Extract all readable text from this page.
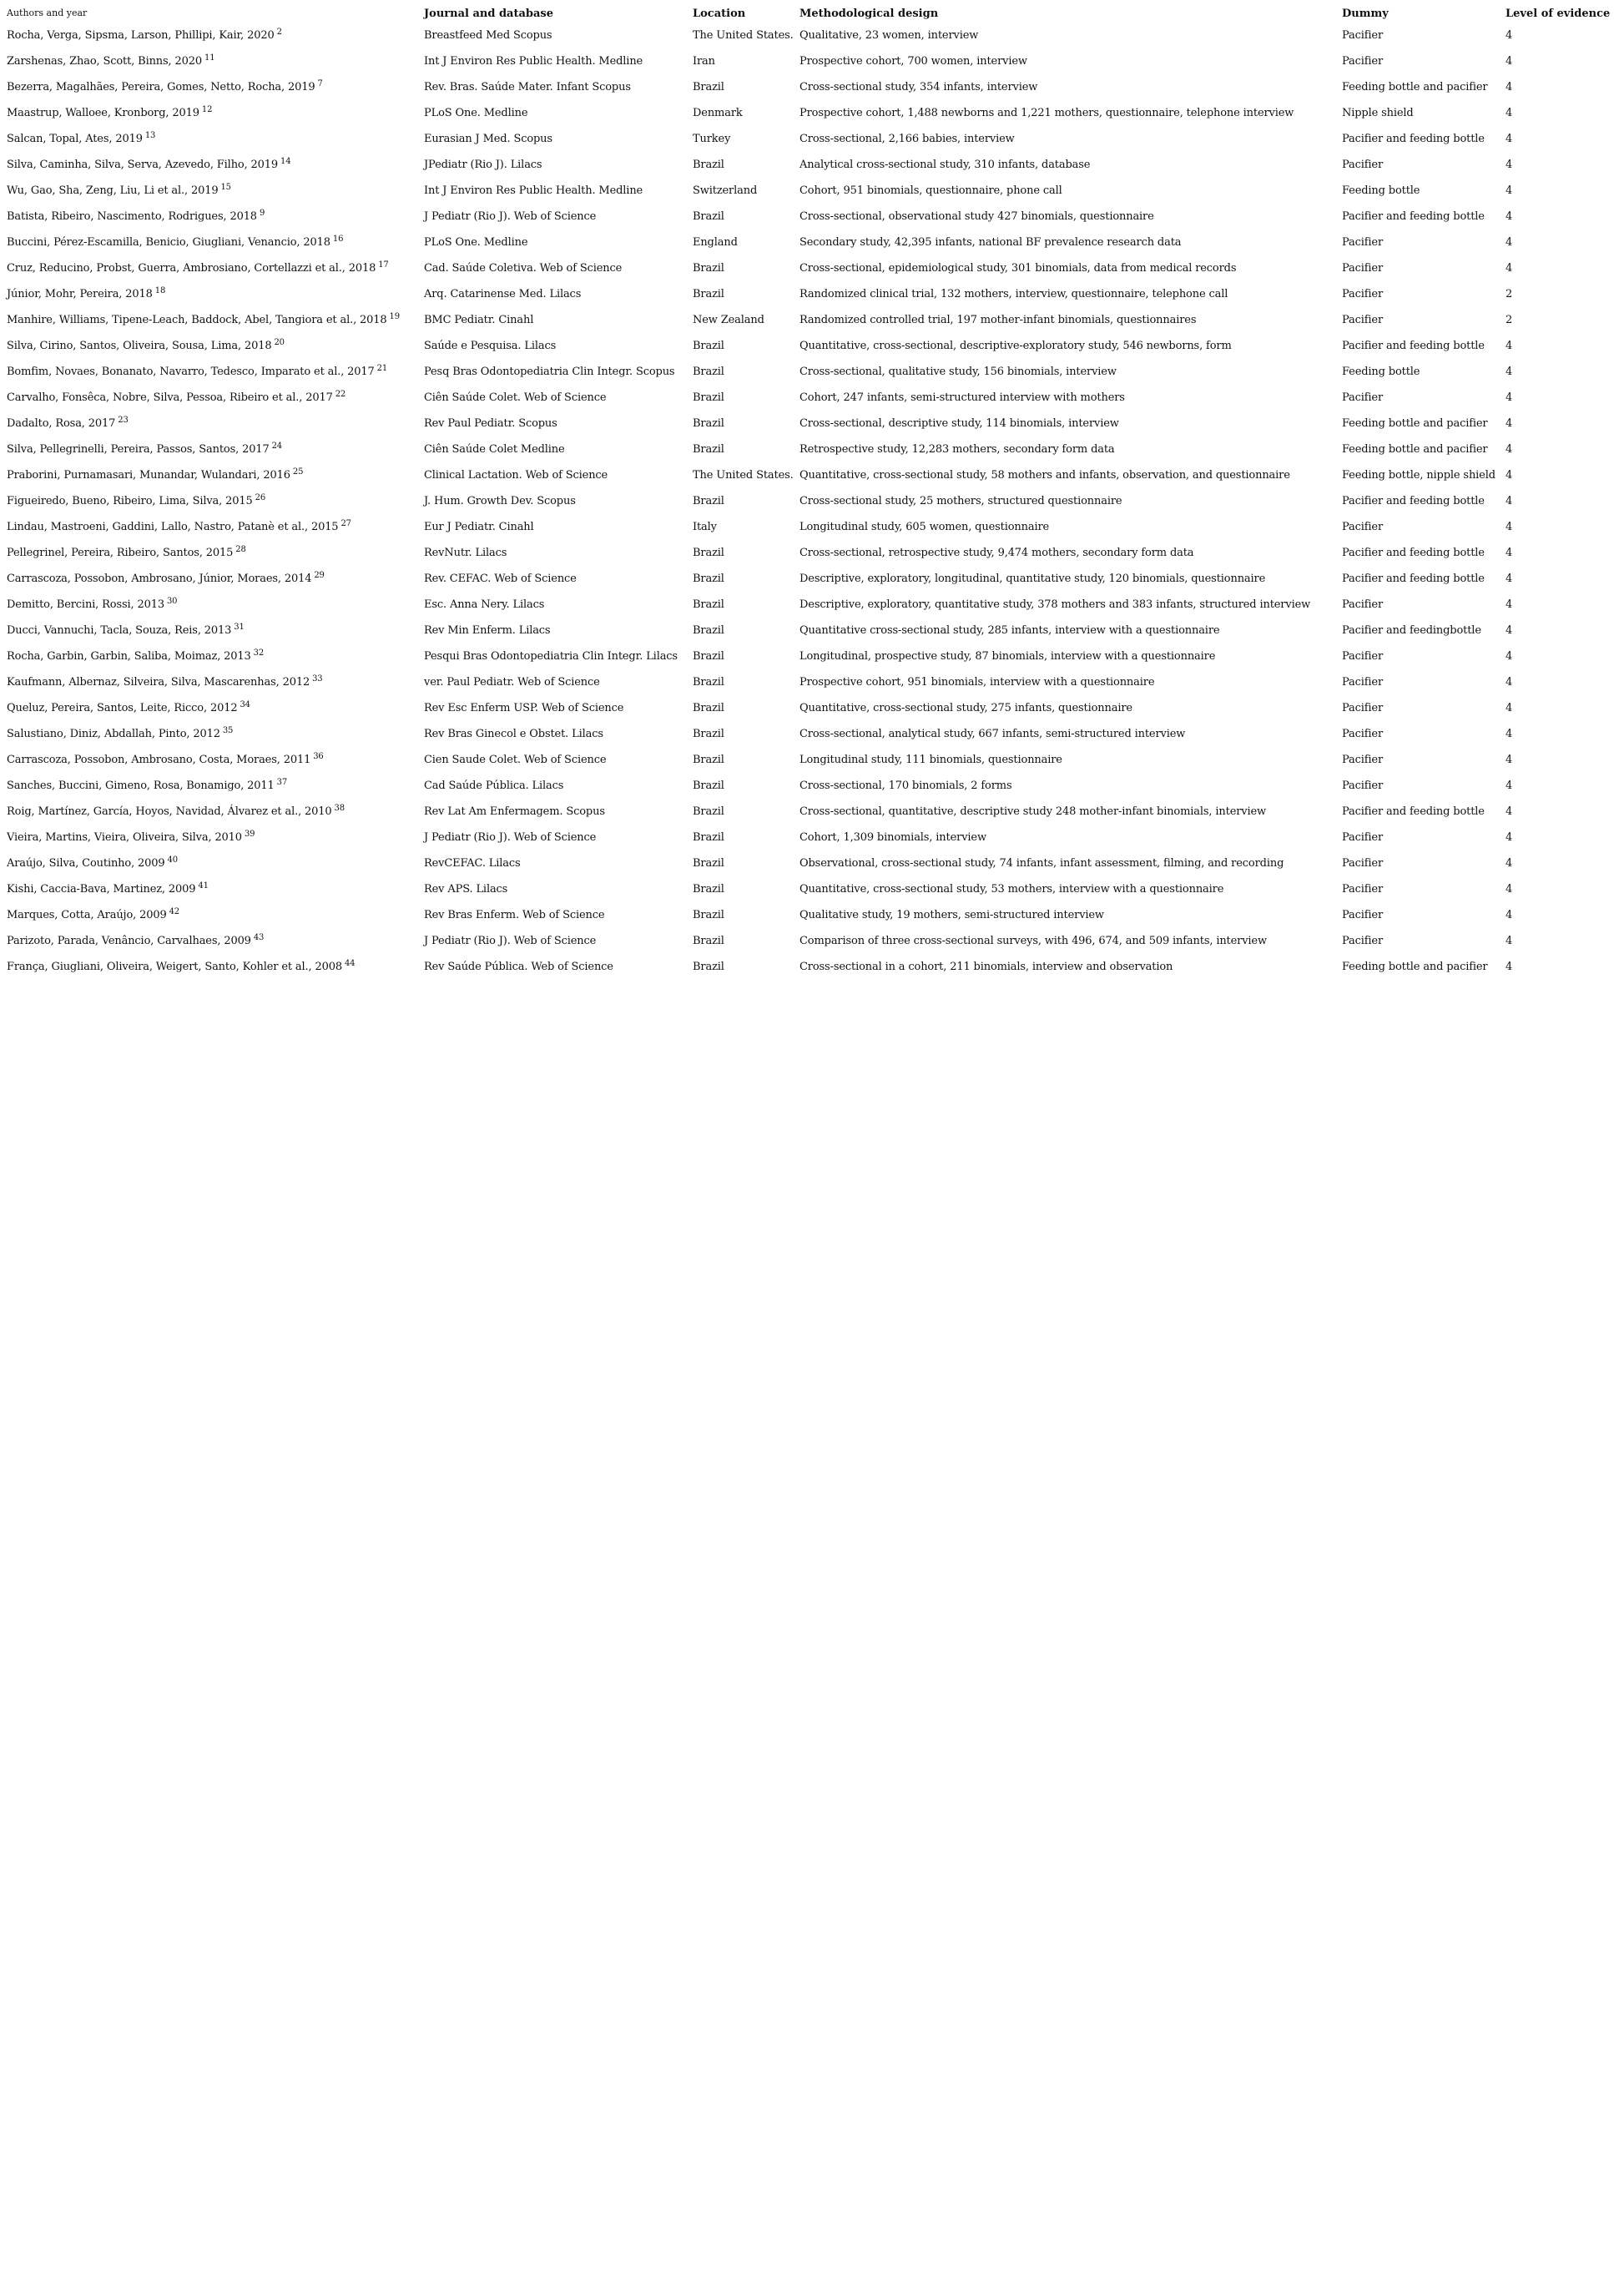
Authors and year	Journal and database	Location	Methodological design	Dummy	Level of evidence
Rocha, Verga, Sipsma, Larson, Phillipi, Kair, 2020 $^2$	Breastfeed Med Scopus	The United States.	Qualitative, 23 women, interview	Pacifier	4
Zarshenas, Zhao, Scott, Binns, 2020 $^{11}$	Int J Environ Res Public Health. Medline	Iran	Prospective cohort, 700 women, interview	Pacifier	4
Bezerra, Magalhães, Pereira, Gomes, Netto, Rocha, 2019 $^7$	Rev. Bras. Saúde Mater. Infant Scopus	Brazil	Cross-sectional study, 354 infants, interview	Feeding bottle and pacifier	4
Maastrup, Walloee, Kronborg, 2019 $^{12}$	PLoS One. Medline	Denmark	Prospective cohort, 1,488 newborns and 1,221 mothers, questionnaire, telephone interview	Nipple shield	4
Salcan, Topal, Ates, 2019 $^{13}$	Eurasian J Med. Scopus	Turkey	Cross-sectional, 2,166 babies, interview	Pacifier and feeding bottle	4
Silva, Caminha, Silva, Serva, Azevedo, Filho, 2019 $^{14}$	JPediatr (Rio J). Lilacs	Brazil	Analytical cross-sectional study, 310 infants, database	Pacifier	4
Wu, Gao, Sha, Zeng, Liu, Li et al., 2019 $^{15}$	Int J Environ Res Public Health. Medline	Switzerland	Cohort, 951 binomials, questionnaire, phone call	Feeding bottle	4
Batista, Ribeiro, Nascimento, Rodrigues, 2018 $^9$	J Pediatr (Rio J). Web of Science	Brazil	Cross-sectional, observational study 427 binomials, questionnaire	Pacifier and feeding bottle	4
Buccini, Pérez-Escamilla, Benicio, Giugliani, Venancio, 2018 $^{16}$	PLoS One. Medline	England	Secondary study, 42,395 infants, national BF prevalence research data	Pacifier	4
Cruz, Reducino, Probst, Guerra, Ambrosiano, Cortellazzi et al., 2018 $^{17}$	Cad. Saúde Coletiva. Web of Science	Brazil	Cross-sectional, epidemiological study, 301 binomials, data from medical records	Pacifier	4
Júnior, Mohr, Pereira, 2018 $^{18}$	Arq. Catarinense Med. Lilacs	Brazil	Randomized clinical trial, 132 mothers, interview, questionnaire, telephone call	Pacifier	2
Manhire, Williams, Tipene-Leach, Baddock, Abel, Tangiora et al., 2018 $^{19}$	BMC Pediatr. Cinahl	New Zealand	Randomized controlled trial, 197 mother-infant binomials, questionnaires	Pacifier	2
Silva, Cirino, Santos, Oliveira, Sousa, Lima, 2018 $^{20}$	Saúde e Pesquisa. Lilacs	Brazil	Quantitative, cross-sectional, descriptive-exploratory study, 546 newborns, form	Pacifier and feeding bottle	4
Bomfim, Novaes, Bonanato, Navarro, Tedesco, Imparato et al., 2017 $^{21}$	Pesq Bras Odontopediatria Clin Integr. Scopus	Brazil	Cross-sectional, qualitative study, 156 binomials, interview	Feeding bottle	4
Carvalho, Fonsêca, Nobre, Silva, Pessoa, Ribeiro et al., 2017 $^{22}$	Ciên Saúde Colet. Web of Science	Brazil	Cohort, 247 infants, semi-structured interview with mothers	Pacifier	4
Dadalto, Rosa, 2017 $^{23}$	Rev Paul Pediatr. Scopus	Brazil	Cross-sectional, descriptive study, 114 binomials, interview	Feeding bottle and pacifier	4
Silva, Pellegrinelli, Pereira, Passos, Santos, 2017 $^{24}$	Ciên Saúde Colet Medline	Brazil	Retrospective study, 12,283 mothers, secondary form data	Feeding bottle and pacifier	4
Praborini, Purnamasari, Munandar, Wulandari, 2016 $^{25}$	Clinical Lactation. Web of Science	The United States.	Quantitative, cross-sectional study, 58 mothers and infants, observation, and questionnaire	Feeding bottle, nipple shield	4
Figueiredo, Bueno, Ribeiro, Lima, Silva, 2015 $^{26}$	J. Hum. Growth Dev. Scopus	Brazil	Cross-sectional study, 25 mothers, structured questionnaire	Pacifier and feeding bottle	4
Lindau, Mastroeni, Gaddini, Lallo, Nastro, Patanè et al., 2015 $^{27}$	Eur J Pediatr. Cinahl	Italy	Longitudinal study, 605 women, questionnaire	Pacifier	4
Pellegrinel, Pereira, Ribeiro, Santos, 2015 $^{28}$	RevNutr. Lilacs	Brazil	Cross-sectional, retrospective study, 9,474 mothers, secondary form data	Pacifier and feeding bottle	4
Carrascoza, Possobon, Ambrosano, Júnior, Moraes, 2014 $^{29}$	Rev. CEFAC. Web of Science	Brazil	Descriptive, exploratory, longitudinal, quantitative study, 120 binomials, questionnaire	Pacifier and feeding bottle	4
Demitto, Bercini, Rossi, 2013 $^{30}$	Esc. Anna Nery. Lilacs	Brazil	Descriptive, exploratory, quantitative study, 378 mothers and 383 infants, structured interview	Pacifier	4
Ducci, Vannuchi, Tacla, Souza, Reis, 2013 $^{31}$	Rev Min Enferm. Lilacs	Brazil	Quantitative cross-sectional study, 285 infants, interview with a questionnaire	Pacifier and feedingbottle	4
Rocha, Garbin, Garbin, Saliba, Moimaz, 2013 $^{32}$	Pesqui Bras Odontopediatria Clin Integr. Lilacs	Brazil	Longitudinal, prospective study, 87 binomials, interview with a questionnaire	Pacifier	4
Kaufmann, Albernaz, Silveira, Silva, Mascarenhas, 2012 $^{33}$	ver. Paul Pediatr. Web of Science	Brazil	Prospective cohort, 951 binomials, interview with a questionnaire	Pacifier	4
Queluz, Pereira, Santos, Leite, Ricco, 2012 $^{34}$	Rev Esc Enferm USP. Web of Science	Brazil	Quantitative, cross-sectional study, 275 infants, questionnaire	Pacifier	4
Salustiano, Diniz, Abdallah, Pinto, 2012 $^{35}$	Rev Bras Ginecol e Obstet. Lilacs	Brazil	Cross-sectional, analytical study, 667 infants, semi-structured interview	Pacifier	4
Carrascoza, Possobon, Ambrosano, Costa, Moraes, 2011 $^{36}$	Cien Saude Colet. Web of Science	Brazil	Longitudinal study, 111 binomials, questionnaire	Pacifier	4
Sanches, Buccini, Gimeno, Rosa, Bonamigo, 2011 $^{37}$	Cad Saúde Pública. Lilacs	Brazil	Cross-sectional, 170 binomials, 2 forms	Pacifier	4
Roig, Martínez, García, Hoyos, Navidad, Álvarez et al., 2010 $^{38}$	Rev Lat Am Enfermagem. Scopus	Brazil	Cross-sectional, quantitative, descriptive study 248 mother-infant binomials, interview	Pacifier and feeding bottle	4
Vieira, Martins, Vieira, Oliveira, Silva, 2010 $^{39}$	J Pediatr (Rio J). Web of Science	Brazil	Cohort, 1,309 binomials, interview	Pacifier	4
Araújo, Silva, Coutinho, 2009 $^{40}$	RevCEFAC. Lilacs	Brazil	Observational, cross-sectional study, 74 infants, infant assessment, filming, and recording	Pacifier	4
Kishi, Caccia-Bava, Martinez, 2009 $^{41}$	Rev APS. Lilacs	Brazil	Quantitative, cross-sectional study, 53 mothers, interview with a questionnaire	Pacifier	4
Marques, Cotta, Araújo, 2009 $^{42}$	Rev Bras Enferm. Web of Science	Brazil	Qualitative study, 19 mothers, semi-structured interview	Pacifier	4
Parizoto, Parada, Venâncio, Carvalhaes, 2009 $^{43}$	J Pediatr (Rio J). Web of Science	Brazil	Comparison of three cross-sectional surveys, with 496, 674, and 509 infants, interview	Pacifier	4
França, Giugliani, Oliveira, Weigert, Santo, Kohler et al., 2008 $^{44}$	Rev Saúde Pública. Web of Science	Brazil	Cross-sectional in a cohort, 211 binomials, interview and observation	Feeding bottle and pacifier	4
